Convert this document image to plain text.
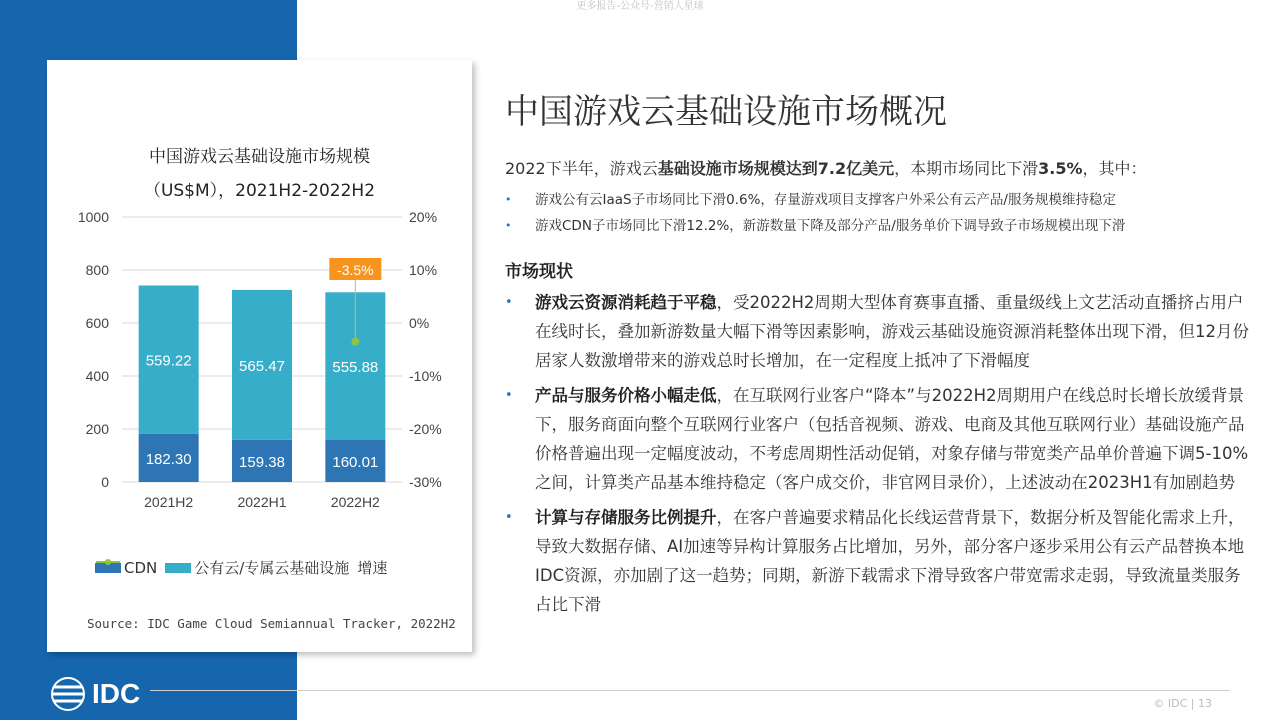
更多报告-公众号-营销人星球
中国游戏云基础设施市场规模
（US$M），2021H2-2022H2
0
200
400
600
800
1000	20%
10%
0%
-10%
-20%
-30%
182.30
559.22
2021H2
159.38
565.47
2022H1
160.01
555.88
2022H2
-3.5%
CDN 公有云/专属云基础设施 增速
Source: IDC Game Cloud Semiannual Tracker, 2022H2
中国游戏云基础设施市场概况
2022下半年，游戏云基础设施市场规模达到7.2亿美元，本期市场同比下滑3.5%，其中：
• 游戏公有云IaaS子市场同比下滑0.6%，存量游戏项目支撑客户外采公有云产品/服务规模维持稳定
• 游戏CDN子市场同比下滑12.2%，新游数量下降及部分产品/服务单价下调导致子市场规模出现下滑
市场现状
• 游戏云资源消耗趋于平稳，受2022H2周期大型体育赛事直播、重量级线上文艺活动直播挤占用户在线时长，叠加新游数量大幅下滑等因素影响，游戏云基础设施资源消耗整体出现下滑，但12月份居家人数激增带来的游戏总时长增加，在一定程度上抵冲了下滑幅度
• 产品与服务价格小幅走低，在互联网行业客户“降本”与2022H2周期用户在线总时长增长放缓背景下，服务商面向整个互联网行业客户（包括音视频、游戏、电商及其他互联网行业）基础设施产品价格普遍出现一定幅度波动，不考虑周期性活动促销，对象存储与带宽类产品单价普遍下调5-10%之间，计算类产品基本维持稳定（客户成交价，非官网目录价），上述波动在2023H1有加剧趋势
• 计算与存储服务比例提升，在客户普遍要求精品化长线运营背景下，数据分析及智能化需求上升，导致大数据存储、AI加速等异构计算服务占比增加，另外，部分客户逐步采用公有云产品替换本地IDC资源，亦加剧了这一趋势；同期，新游下载需求下滑导致客户带宽需求走弱，导致流量类服务占比下滑
IDC	© IDC | 13
